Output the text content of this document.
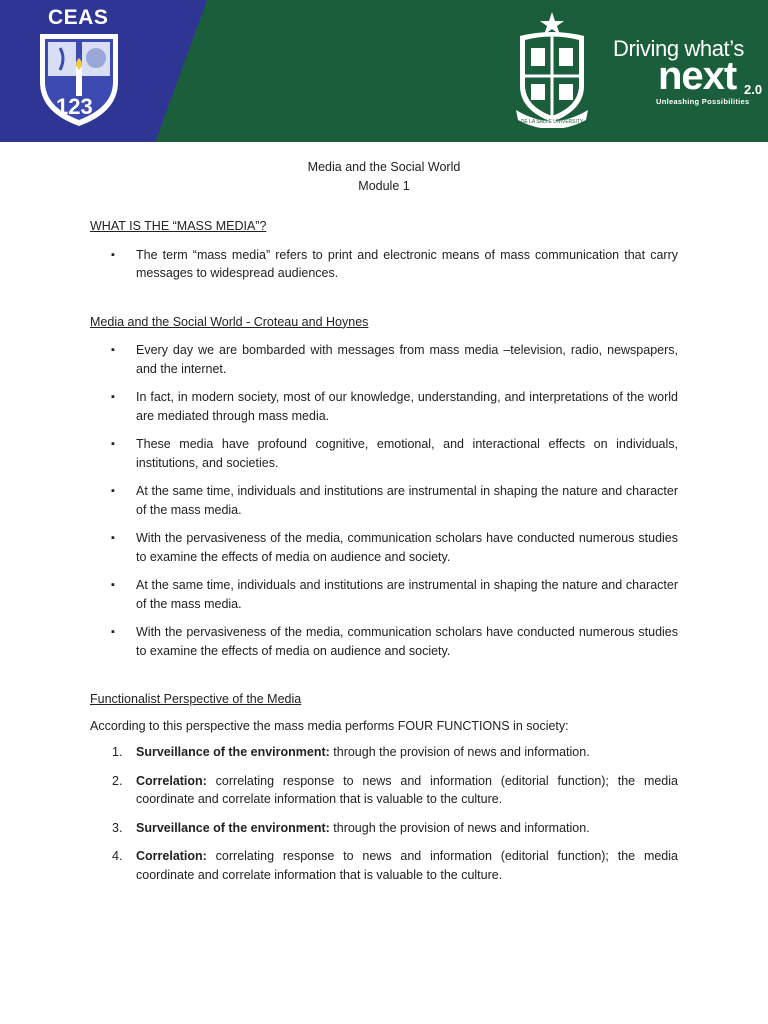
CEAS
123
DE LA SALLE UNIVERSITY
Driving what’s
next 2.0
Unleashing Possibilities

Media and the Social World

Module 1

WHAT IS THE “MASS MEDIA”?

▪ The term “mass media” refers to print and electronic means of mass communication that carry messages to widespread audiences.

Media and the Social World - Croteau and Hoynes

▪ Every day we are bombarded with messages from mass media –television, radio, newspapers, and the internet.
▪ In fact, in modern society, most of our knowledge, understanding, and interpretations of the world are mediated through mass media.
▪ These media have profound cognitive, emotional, and interactional effects on individuals, institutions, and societies.
▪ At the same time, individuals and institutions are instrumental in shaping the nature and character of the mass media.
▪ With the pervasiveness of the media, communication scholars have conducted numerous studies to examine the effects of media on audience and society.
▪ At the same time, individuals and institutions are instrumental in shaping the nature and character of the mass media.
▪ With the pervasiveness of the media, communication scholars have conducted numerous studies to examine the effects of media on audience and society.

Functionalist Perspective of the Media

According to this perspective the mass media performs FOUR FUNCTIONS in society:

1. Surveillance of the environment: through the provision of news and information.
2. Correlation: correlating response to news and information (editorial function); the media coordinate and correlate information that is valuable to the culture.
3. Surveillance of the environment: through the provision of news and information.
4. Correlation: correlating response to news and information (editorial function); the media coordinate and correlate information that is valuable to the culture.
